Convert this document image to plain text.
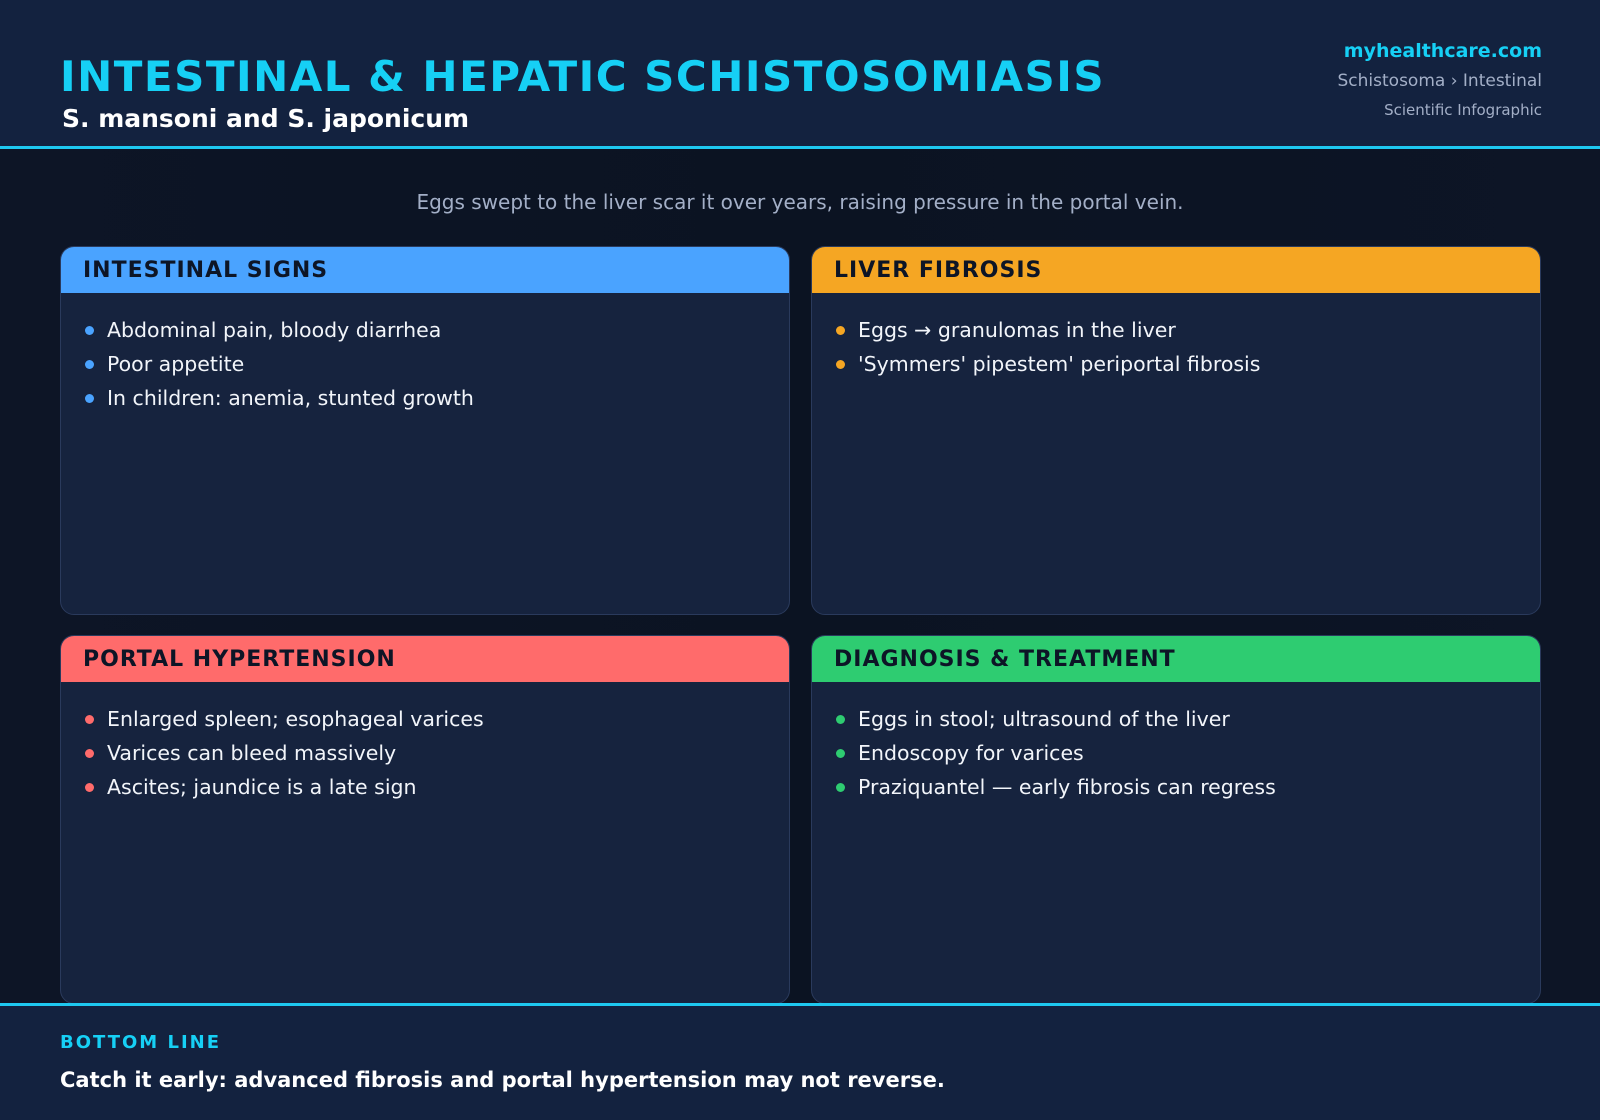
INTESTINAL & HEPATIC SCHISTOSOMIASIS
S. mansoni and S. japonicum
myhealthcare.com
Schistosoma › Intestinal
Scientific Infographic
Eggs swept to the liver scar it over years, raising pressure in the portal vein.
INTESTINAL SIGNS
Abdominal pain, bloody diarrhea
Poor appetite
In children: anemia, stunted growth
LIVER FIBROSIS
Eggs → granulomas in the liver
'Symmers' pipestem' periportal fibrosis
PORTAL HYPERTENSION
Enlarged spleen; esophageal varices
Varices can bleed massively
Ascites; jaundice is a late sign
DIAGNOSIS & TREATMENT
Eggs in stool; ultrasound of the liver
Endoscopy for varices
Praziquantel — early fibrosis can regress
BOTTOM LINE
Catch it early: advanced fibrosis and portal hypertension may not reverse.
